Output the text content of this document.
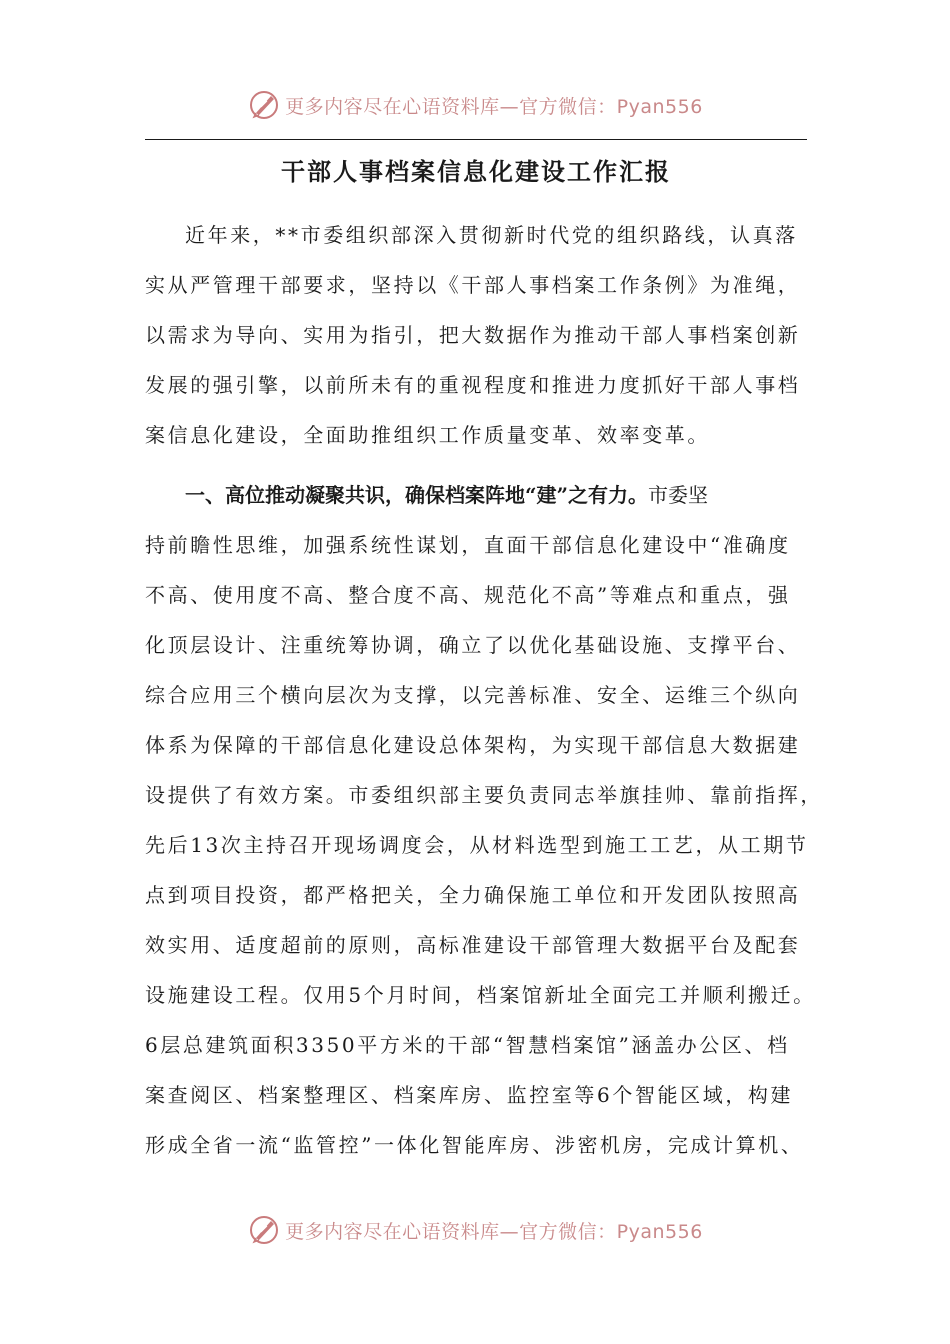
更多内容尽在心语资料库—官方微信：Pyan556
干部人事档案信息化建设工作汇报
近年来，**市委组织部深入贯彻新时代党的组织路线，认真落
实从严管理干部要求，坚持以《干部人事档案工作条例》为准绳，
以需求为导向、实用为指引，把大数据作为推动干部人事档案创新
发展的强引擎，以前所未有的重视程度和推进力度抓好干部人事档
案信息化建设，全面助推组织工作质量变革、效率变革。
一、高位推动凝聚共识，确保档案阵地“建”之有力。市委坚
持前瞻性思维，加强系统性谋划，直面干部信息化建设中“准确度
不高、使用度不高、整合度不高、规范化不高”等难点和重点，强
化顶层设计、注重统筹协调，确立了以优化基础设施、支撑平台、
综合应用三个横向层次为支撑，以完善标准、安全、运维三个纵向
体系为保障的干部信息化建设总体架构，为实现干部信息大数据建
设提供了有效方案。市委组织部主要负责同志举旗挂帅、靠前指挥，
先后13次主持召开现场调度会，从材料选型到施工工艺，从工期节
点到项目投资，都严格把关，全力确保施工单位和开发团队按照高
效实用、适度超前的原则，高标准建设干部管理大数据平台及配套
设施建设工程。仅用5个月时间，档案馆新址全面完工并顺利搬迁。
6层总建筑面积3350平方米的干部“智慧档案馆”涵盖办公区、档
案查阅区、档案整理区、档案库房、监控室等6个智能区域，构建
形成全省一流“监管控”一体化智能库房、涉密机房，完成计算机、
更多内容尽在心语资料库—官方微信：Pyan556
